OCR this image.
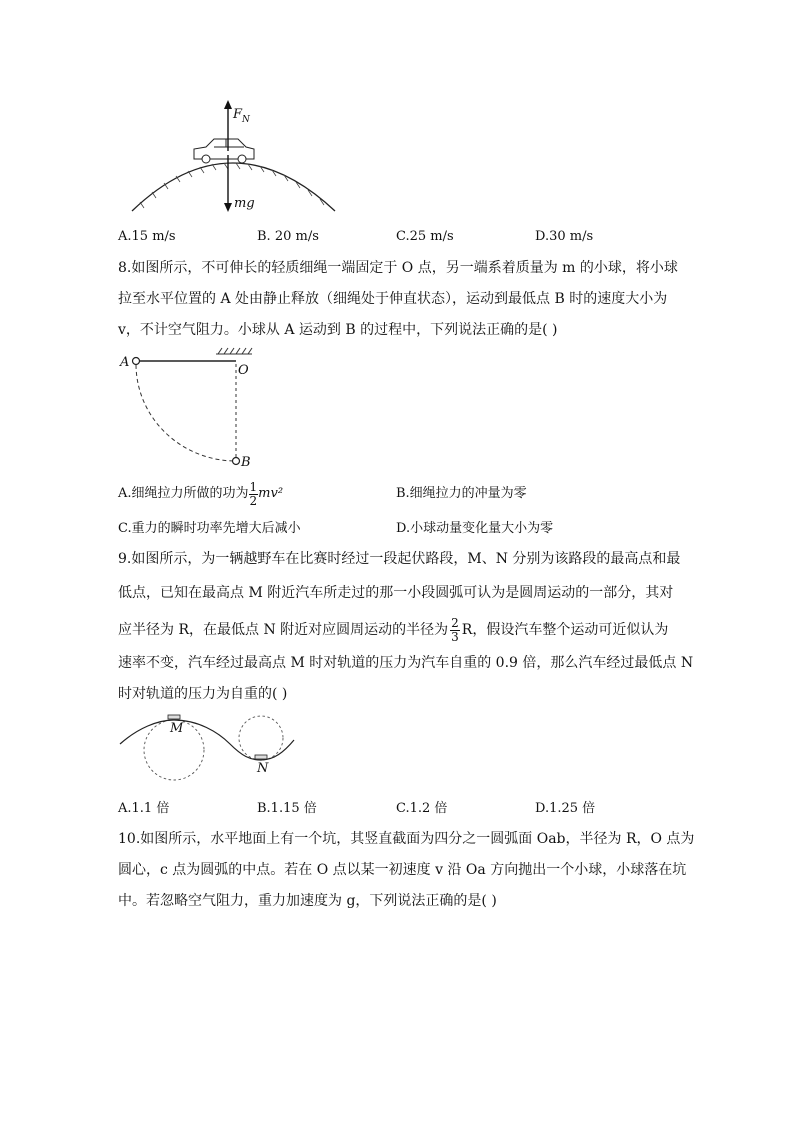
$F_N$
mg
A.15 m/s	B. 20 m/s	C.25 m/s	D.30 m/s
8.如图所示，不可伸长的轻质细绳一端固定于 O 点，另一端系着质量为 m 的小球，将小球
拉至水平位置的 A 处由静止释放（细绳处于伸直状态），运动到最低点 B 时的速度大小为
v，不计空气阻力。小球从 A 运动到 B 的过程中，下列说法正确的是( )
A
O
B
A.细绳拉力所做的功为 $\frac{1}{2} mv^2$	B.细绳拉力的冲量为零
C.重力的瞬时功率先增大后减小	D.小球动量变化量大小为零
9.如图所示，为一辆越野车在比赛时经过一段起伏路段，M、N 分别为该路段的最高点和最
低点，已知在最高点 M 附近汽车所走过的那一小段圆弧可认为是圆周运动的一部分，其对
应半径为 R，在最低点 N 附近对应圆周运动的半径为 $\frac{2}{3}$ R，假设汽车整个运动可近似认为
速率不变，汽车经过最高点 M 时对轨道的压力为汽车自重的 0.9 倍，那么汽车经过最低点 N
时对轨道的压力为自重的( )
M
N
A.1.1 倍	B.1.15 倍	C.1.2 倍	D.1.25 倍
10.如图所示，水平地面上有一个坑，其竖直截面为四分之一圆弧面 Oab，半径为 R，O 点为
圆心，c 点为圆弧的中点。若在 O 点以某一初速度 v 沿 Oa 方向抛出一个小球，小球落在坑
中。若忽略空气阻力，重力加速度为 g，下列说法正确的是( )
